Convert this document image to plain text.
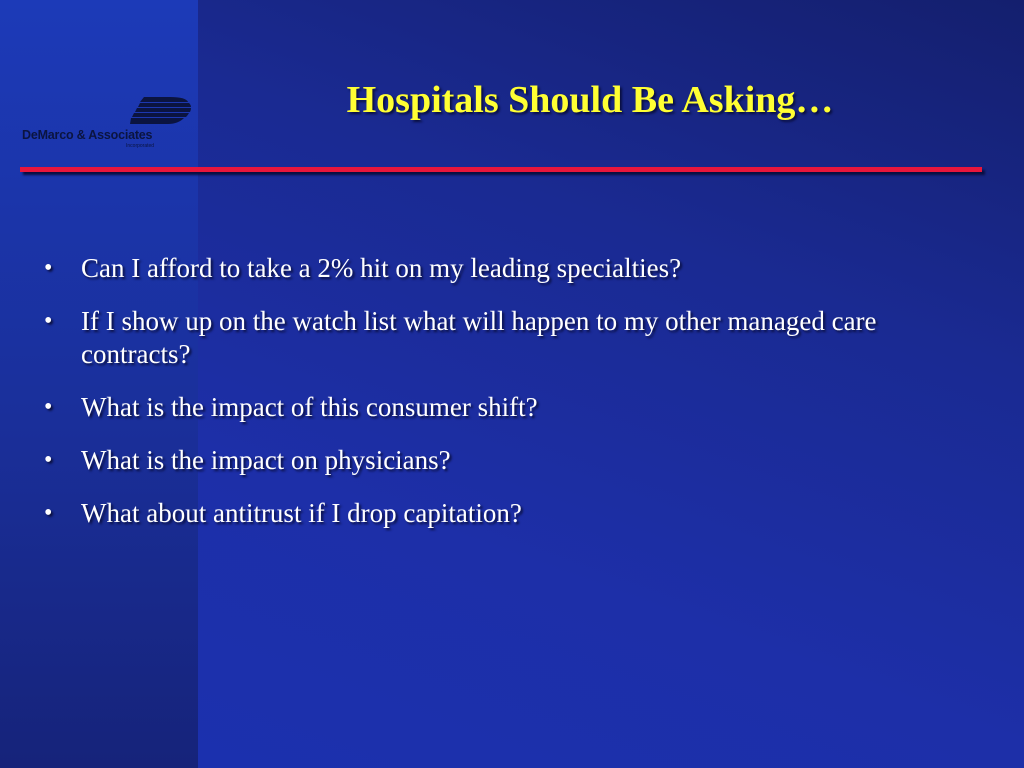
DeMarco & Associates
Incorporated
Hospitals Should Be Asking…
• Can I afford to take a 2% hit on my leading specialties?
• If I show up on the watch list what will happen to my other managed care contracts?
• What is the impact of this consumer shift?
• What is the impact on physicians?
• What about antitrust if I drop capitation?
